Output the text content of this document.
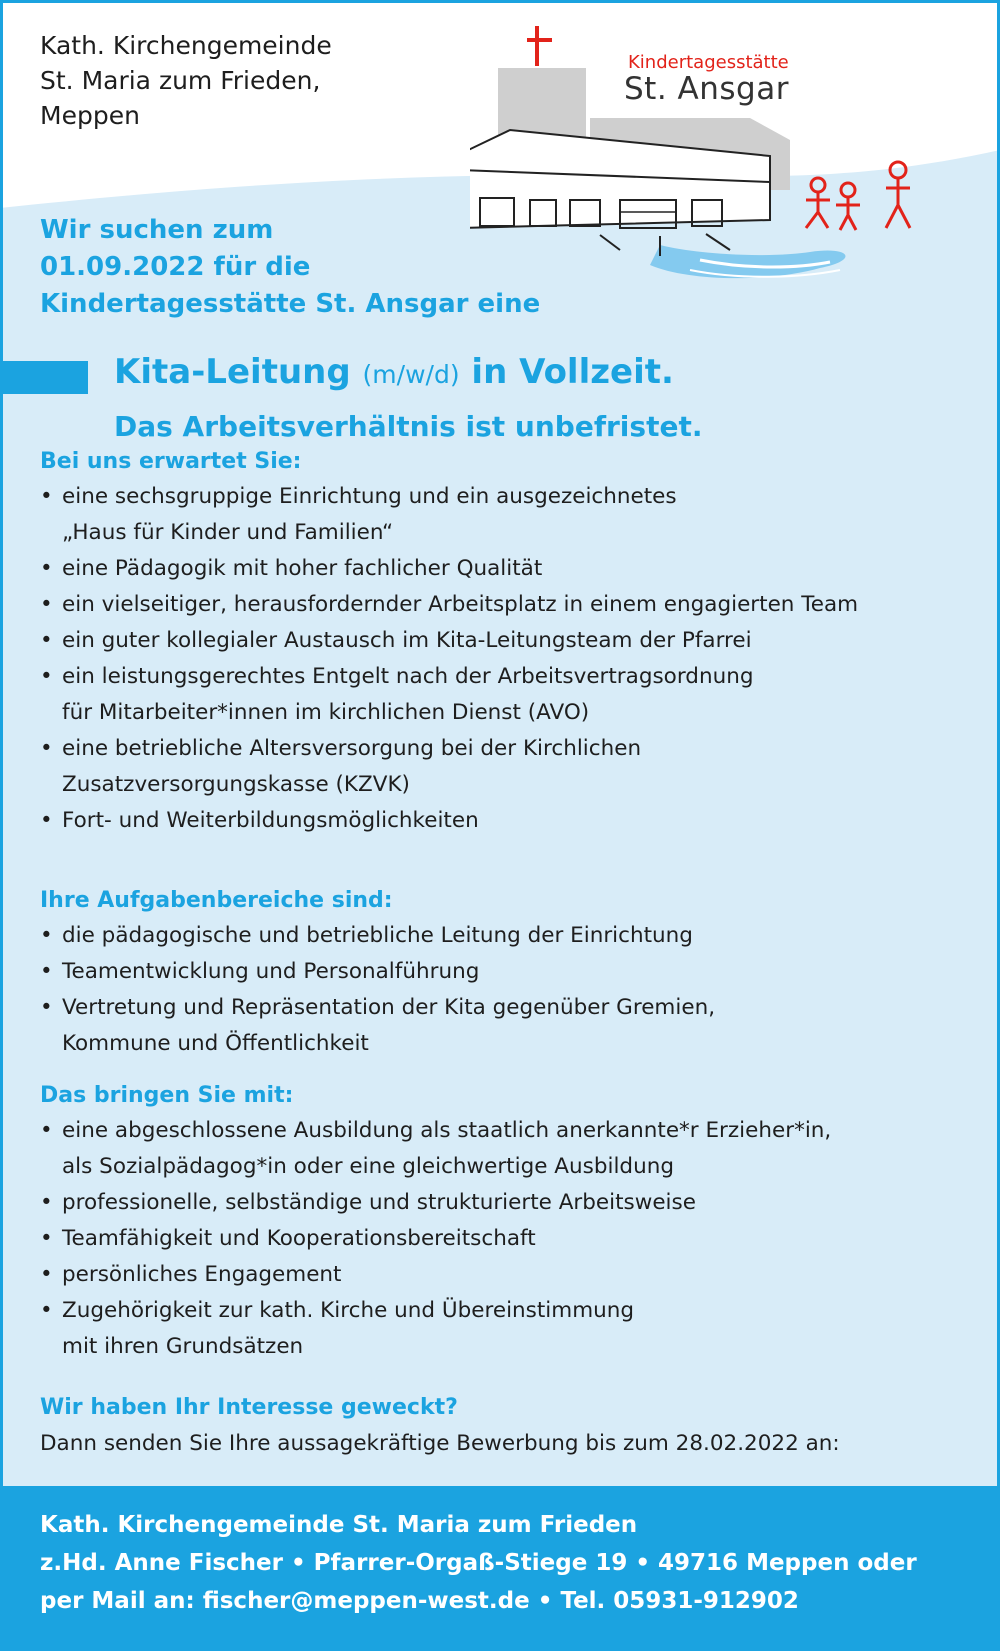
Kath. Kirchengemeinde
St. Maria zum Frieden,
Meppen
Kindertagesstätte
St. Ansgar
Wir suchen zum
01.09.2022 für die
Kindertagesstätte St. Ansgar eine
Kita-Leitung (m/w/d) in Vollzeit.
Das Arbeitsverhältnis ist unbefristet.
Bei uns erwartet Sie:
• eine sechsgruppige Einrichtung und ein ausgezeichnetes
„Haus für Kinder und Familien“
• eine Pädagogik mit hoher fachlicher Qualität
• ein vielseitiger, herausfordernder Arbeitsplatz in einem engagierten Team
• ein guter kollegialer Austausch im Kita-Leitungsteam der Pfarrei
• ein leistungsgerechtes Entgelt nach der Arbeitsvertragsordnung
für Mitarbeiter*innen im kirchlichen Dienst (AVO)
• eine betriebliche Altersversorgung bei der Kirchlichen
Zusatzversorgungskasse (KZVK)
• Fort- und Weiterbildungsmöglichkeiten
Ihre Aufgabenbereiche sind:
• die pädagogische und betriebliche Leitung der Einrichtung
• Teamentwicklung und Personalführung
• Vertretung und Repräsentation der Kita gegenüber Gremien,
Kommune und Öffentlichkeit
Das bringen Sie mit:
• eine abgeschlossene Ausbildung als staatlich anerkannte*r Erzieher*in,
als Sozialpädagog*in oder eine gleichwertige Ausbildung
• professionelle, selbständige und strukturierte Arbeitsweise
• Teamfähigkeit und Kooperationsbereitschaft
• persönliches Engagement
• Zugehörigkeit zur kath. Kirche und Übereinstimmung
mit ihren Grundsätzen
Wir haben Ihr Interesse geweckt?
Dann senden Sie Ihre aussagekräftige Bewerbung bis zum 28.02.2022 an:
Kath. Kirchengemeinde St. Maria zum Frieden
z.Hd. Anne Fischer • Pfarrer-Orgaß-Stiege 19 • 49716 Meppen oder
per Mail an: fischer@meppen-west.de • Tel. 05931-912902
